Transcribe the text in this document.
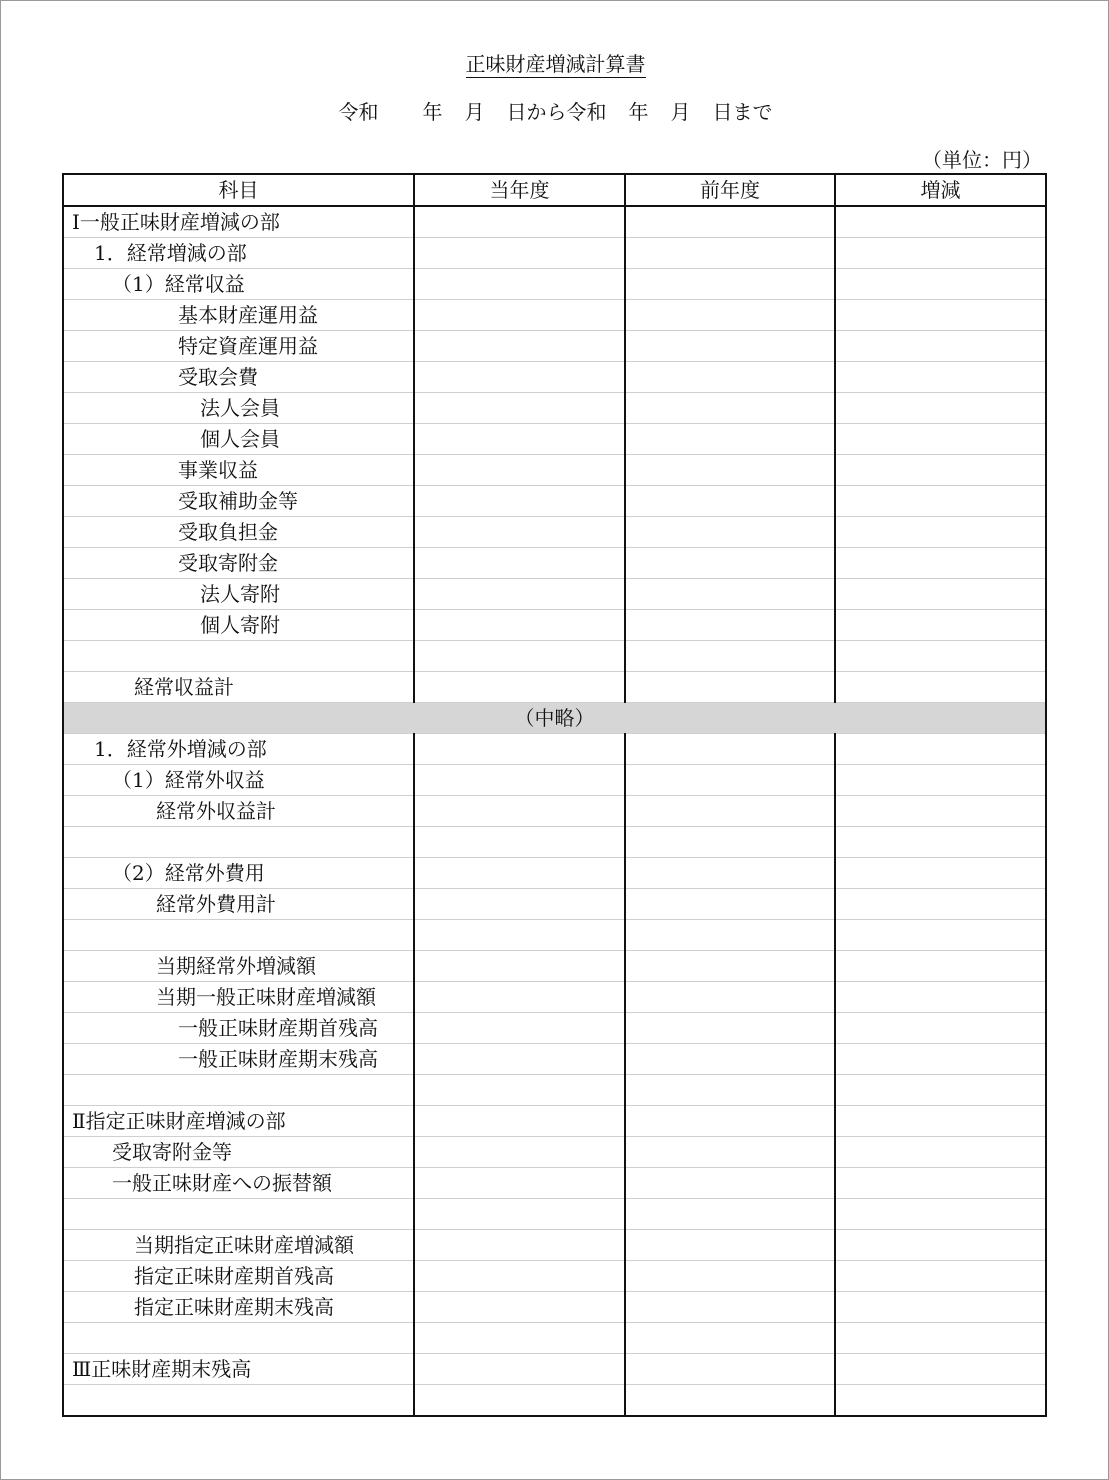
正味財産増減計算書
令和 年 月 日から令和 年 月 日まで
（単位：円）
科目	当年度	前年度	増減
Ⅰ一般正味財産増減の部			
1．経常増減の部			
（1）経常収益			
基本財産運用益			
特定資産運用益			
受取会費			
法人会員			
個人会員			
事業収益			
受取補助金等			
受取負担金			
受取寄附金			
法人寄附			
個人寄附			

経常収益計			
（中略）			
1．経常外増減の部			
（1）経常外収益			
経常外収益計			

（2）経常外費用			
経常外費用計			

当期経常外増減額			
当期一般正味財産増減額			
一般正味財産期首残高			
一般正味財産期末残高			

Ⅱ指定正味財産増減の部			
受取寄附金等			
一般正味財産への振替額			

当期指定正味財産増減額			
指定正味財産期首残高			
指定正味財産期末残高			

Ⅲ正味財産期末残高			
